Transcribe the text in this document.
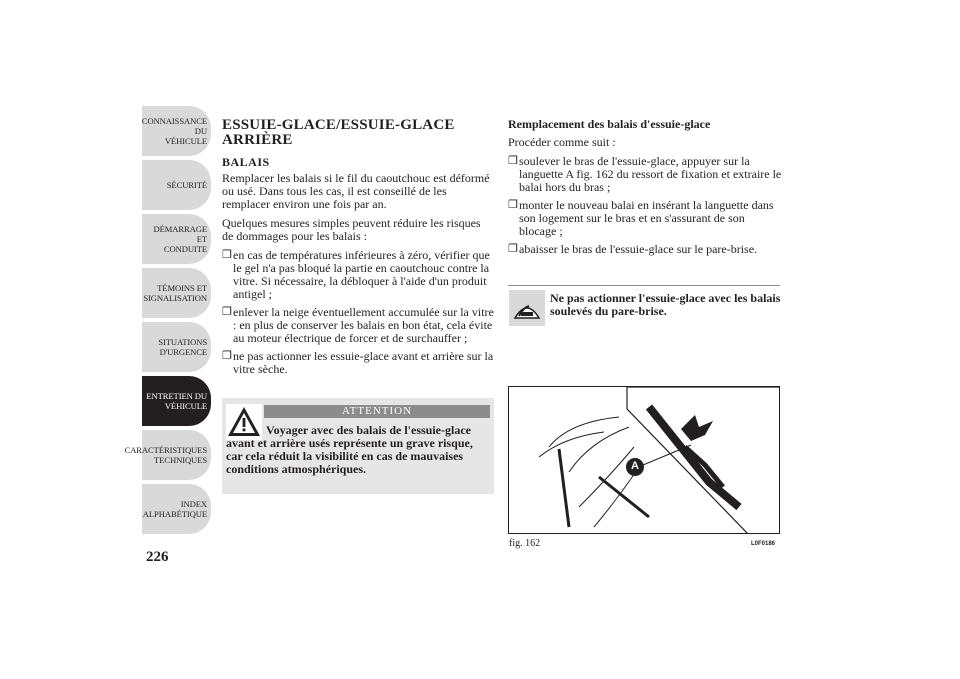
CONNAISSANCE DU
VÉHICULE
SÉCURITÉ
DÉMARRAGE ET
CONDUITE
TÉMOINS ET
SIGNALISATION
SITUATIONS
D'URGENCE
ENTRETIEN DU
VÉHICULE
CARACTÉRISTIQUES
TECHNIQUES
INDEX
ALPHABÉTIQUE
226
ESSUIE-GLACE/ESSUIE-GLACE ARRIÈRE
BALAIS

Remplacer les balais si le fil du caoutchouc est déformé ou usé. Dans tous les cas, il est conseillé de les remplacer environ une fois par an.

Quelques mesures simples peuvent réduire les risques de dommages pour les balais :

❒ en cas de températures inférieures à zéro, vérifier que le gel n'a pas bloqué la partie en caoutchouc contre la vitre. Si nécessaire, la débloquer à l'aide d'un produit antigel ;
❒ enlever la neige éventuellement accumulée sur la vitre : en plus de conserver les balais en bon état, cela évite au moteur électrique de forcer et de surchauffer ;
❒ ne pas actionner les essuie-glace avant et arrière sur la vitre sèche.
ATTENTION
Voyager avec des balais de l'essuie-glace avant et arrière usés représente un grave risque, car cela réduit la visibilité en cas de mauvaises conditions atmosphériques.
Remplacement des balais d'essuie-glace

Procéder comme suit :

❒ soulever le bras de l'essuie-glace, appuyer sur la languette A fig. 162 du ressort de fixation et extraire le balai hors du bras ;
❒ monter le nouveau balai en insérant la languette dans son logement sur le bras et en s'assurant de son blocage ;
❒ abaisser le bras de l'essuie-glace sur le pare-brise.
Ne pas actionner l'essuie-glace avec les balais soulevés du pare-brise.
A
fig. 162	L0F0186
